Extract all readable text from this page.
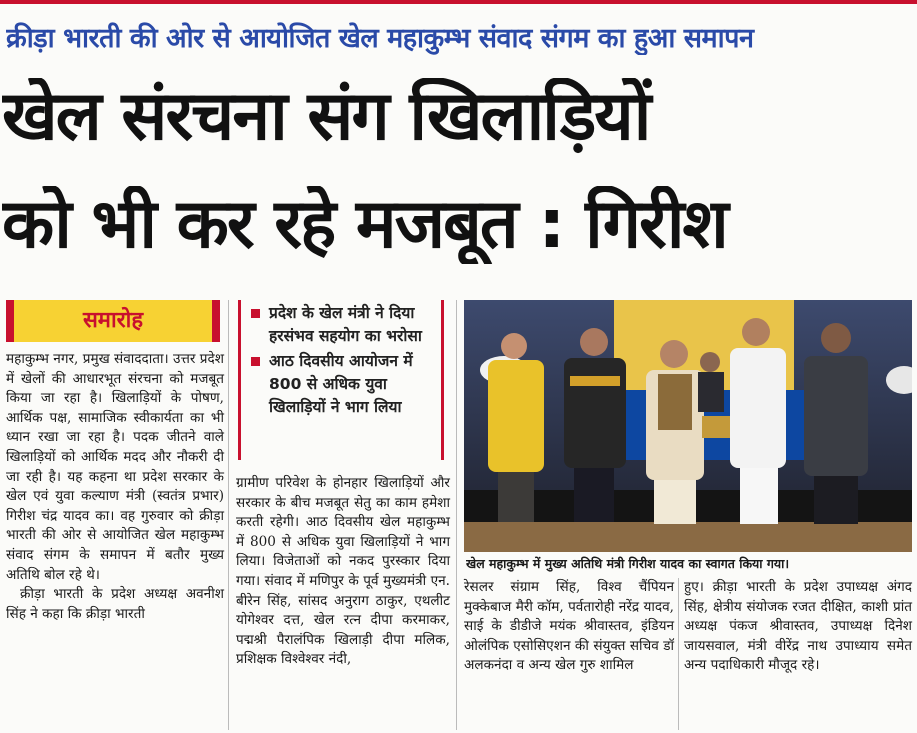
क्रीड़ा भारती की ओर से आयोजित खेल महाकुम्भ संवाद संगम का हुआ समापन
खेल संरचना संग खिलाड़ियों
को भी कर रहे मजबूत : गिरीश
समारोह

महाकुम्भ नगर, प्रमुख संवाददाता। उत्तर प्रदेश में खेलों की आधारभूत संरचना को मजबूत किया जा रहा है। खिलाड़ियों के पोषण, आर्थिक पक्ष, सामाजिक स्वीकार्यता का भी ध्यान रखा जा रहा है। पदक जीतने वाले खिलाड़ियों को आर्थिक मदद और नौकरी दी जा रही है। यह कहना था प्रदेश सरकार के खेल एवं युवा कल्याण मंत्री (स्वतंत्र प्रभार) गिरीश चंद्र यादव का। वह गुरुवार को क्रीड़ा भारती की ओर से आयोजित खेल महाकुम्भ संवाद संगम के समापन में बतौर मुख्य अतिथि बोल रहे थे।

क्रीड़ा भारती के प्रदेश अध्यक्ष अवनीश सिंह ने कहा कि क्रीड़ा भारती

प्रदेश के खेल मंत्री ने दिया हरसंभव सहयोग का भरोसा
आठ दिवसीय आयोजन में 800 से अधिक युवा खिलाड़ियों ने भाग लिया

ग्रामीण परिवेश के होनहार खिलाड़ियों और सरकार के बीच मजबूत सेतु का काम हमेशा करती रहेगी। आठ दिवसीय खेल महाकुम्भ में 800 से अधिक युवा खिलाड़ियों ने भाग लिया। विजेताओं को नकद पुरस्कार दिया गया। संवाद में मणिपुर के पूर्व मुख्यमंत्री एन. बीरेन सिंह, सांसद अनुराग ठाकुर, एथलीट योगेश्वर दत्त, खेल रत्न दीपा करमाकर, पद्मश्री पैरालंपिक खिलाड़ी दीपा मलिक, प्रशिक्षक विश्वेश्वर नंदी,

खेल महाकुम्भ में मुख्य अतिथि मंत्री गिरीश यादव का स्वागत किया गया।

रेसलर संग्राम सिंह, विश्व चैंपियन मुक्केबाज मैरी कॉम, पर्वतारोही नरेंद्र यादव, साई के डीडीजे मयंक श्रीवास्तव, इंडियन ओलंपिक एसोसिएशन की संयुक्त सचिव डॉ अलकनंदा व अन्य खेल गुरु शामिल

हुए। क्रीड़ा भारती के प्रदेश उपाध्यक्ष अंगद सिंह, क्षेत्रीय संयोजक रजत दीक्षित, काशी प्रांत अध्यक्ष पंकज श्रीवास्तव, उपाध्यक्ष दिनेश जायसवाल, मंत्री वीरेंद्र नाथ उपाध्याय समेत अन्य पदाधिकारी मौजूद रहे।
